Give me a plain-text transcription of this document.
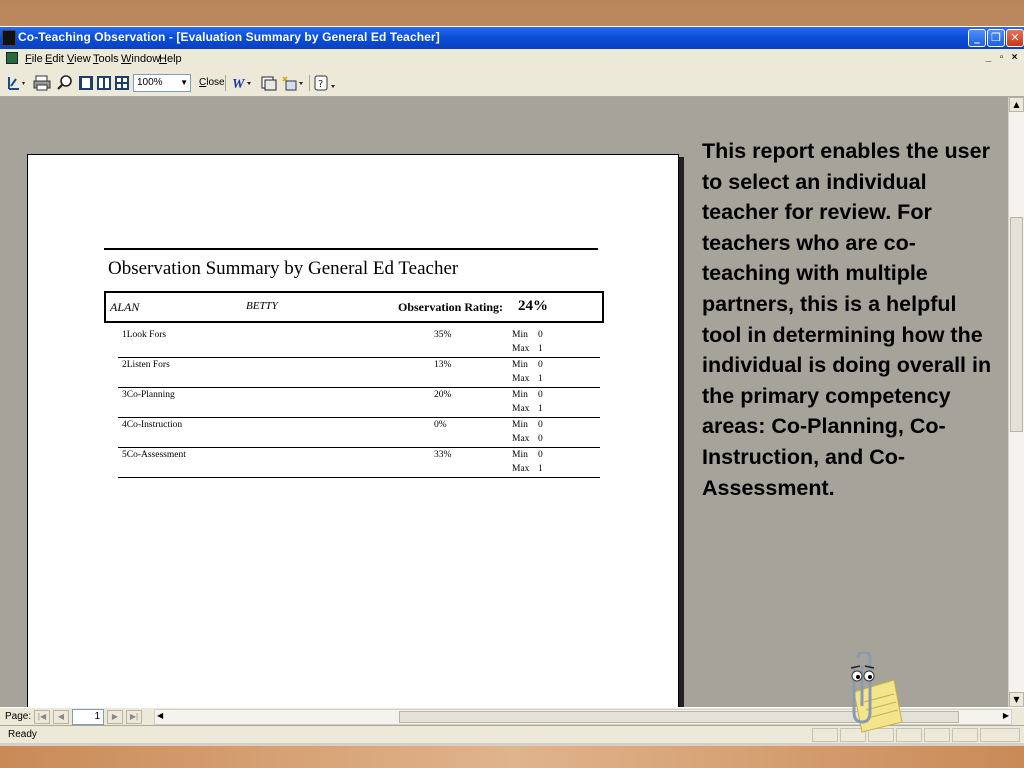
Co-Teaching Observation - [Evaluation Summary by General Ed Teacher]	_	❐ ✕
File Edit View Tools Window
Help	_ ▫ ×
100% ▼ Close W	?
Observation Summary by General Ed Teacher
ALAN	BETTY	Observation Rating: 24%
1Look Fors	35%	Min 0
Max 1
2Listen Fors	13%	Min 0
Max 1
3Co-Planning	20%	Min 0
Max 1
4Co-Instruction	0%	Min 0
Max 0
5Co-Assessment	33%	Min 0
Max 1
▲
▼
Page: |◀	◀	1	▶	▶|	◀	▶
Ready
This report enables the user to select an individual teacher for review. For teachers who are co-teaching with multiple partners, this is a helpful tool in determining how the individual is doing overall in the primary competency areas: Co-Planning, Co-Instruction, and Co-Assessment.
